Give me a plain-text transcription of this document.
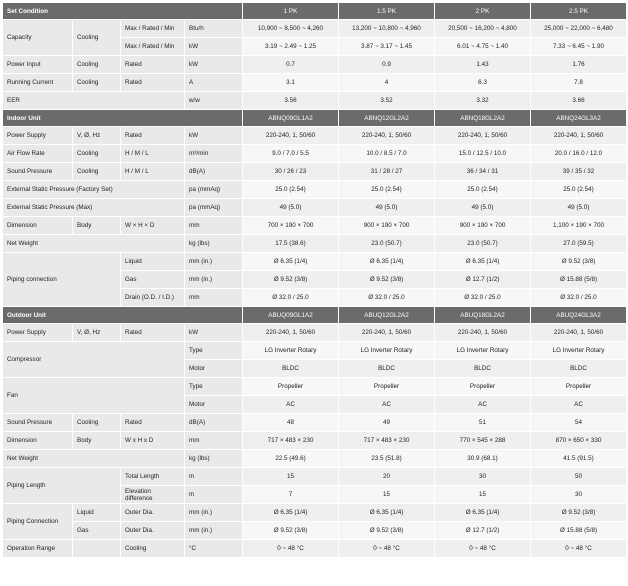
Set Condition				1 PK	1.5 PK	2 PK	2.5 PK
Capacity	Cooling	Max / Rated / Min	Btu/h	10,900 ~ 8,500 ~ 4,260	13,200 ~ 10,800 ~ 4,960	20,500 ~ 16,200 ~ 4,800	25,000 ~ 22,000 ~ 6,480
		Max / Rated / Min	kW	3.19 ~ 2.49 ~ 1.25	3.87 ~ 3.17 ~ 1.45	6.01 ~ 4.75 ~ 1.40	7.33 ~ 6.45 ~ 1.90
Power Input	Cooling	Rated	kW	0.7	0.9	1.43	1.76
Running Current	Cooling	Rated	A	3.1	4	6.3	7.8
EER			w/w	3.56	3.52	3.32	3.66
Indoor Unit				ABNQ09GL1A2	ABNQ12GL2A2	ABNQ18GL2A2	ABNQ24GL3A2
Power Supply	V, Ø, Hz	Rated	kW	220-240, 1, 50/60	220-240, 1, 50/60	220-240, 1, 50/60	220-240, 1, 50/60
Air Flow Rate	Cooling	H / M / L	m³/min	9.0 / 7.0 / 5.5	10.0 / 8.5 / 7.0	15.0 / 12.5 / 10.0	20.0 / 16.0 / 12.0
Sound Pressure	Cooling	H / M / L	dB(A)	30 / 26 / 23	31 / 28 / 27	36 / 34 / 31	39 / 35 / 32
External Static Pressure (Factory Set)			pa (mmAq)	25.0 (2.54)	25.0 (2.54)	25.0 (2.54)	25.0 (2.54)
External Static Pressure (Max)			pa (mmAq)	49 (5.0)	49 (5.0)	49 (5.0)	49 (5.0)
Dimension	Body	W × H × D	mm	700 × 190 × 700	900 × 190 × 700	900 × 190 × 700	1,100 × 190 × 700
Net Weight			kg (lbs)	17.5 (38.6)	23.0 (50.7)	23.0 (50.7)	27.0 (59.5)
Piping connection		Liquid	mm (in.)	Ø 6.35 (1/4)	Ø 6.35 (1/4)	Ø 6.35 (1/4)	Ø 9.52 (3/8)
		Gas	mm (in.)	Ø 9.52 (3/8)	Ø 9.52 (3/8)	Ø 12.7 (1/2)	Ø 15.88 (5/8)
		Drain (O.D. / I.D.)	mm	Ø 32.0 / 25.0	Ø 32.0 / 25.0	Ø 32.0 / 25.0	Ø 32.0 / 25.0
Outdoor Unit				ABUQ09GL1A2	ABUQ12GL2A2	ABUQ18GL2A2	ABUQ24GL3A2
Power Supply	V, Ø, Hz	Rated	kW	220-240, 1, 50/60	220-240, 1, 50/60	220-240, 1, 50/60	220-240, 1, 50/60
Compressor			Type	LG Inverter Rotary	LG Inverter Rotary	LG Inverter Rotary	LG Inverter Rotary
			Motor	BLDC	BLDC	BLDC	BLDC
Fan			Type	Propeller	Propeller	Propeller	Propeller
			Motor	AC	AC	AC	AC
Sound Pressure	Cooling	Rated	dB(A)	48	49	51	54
Dimension	Body	W x H x D	mm	717 × 483 × 230	717 × 483 × 230	770 × 545 × 288	870 × 650 × 330
Net Weight			kg (lbs)	22.5 (49.6)	23.5 (51.8)	30.9 (68.1)	41.5 (91.5)
Piping Length		Total Length	m	15	20	30	50
		Elevation difference	m	7	15	15	30
Piping Connection	Liquid	Outer Dia.	mm (in.)	Ø 6.35 (1/4)	Ø 6.35 (1/4)	Ø 6.35 (1/4)	Ø 9.52 (3/8)
	Gas	Outer Dia.	mm (in.)	Ø 9.52 (3/8)	Ø 9.52 (3/8)	Ø 12.7 (1/2)	Ø 15.88 (5/8)
Operation Range		Cooling	°C	0 ~ 48 °C	0 ~ 48 °C	0 ~ 48 °C	0 ~ 48 °C
